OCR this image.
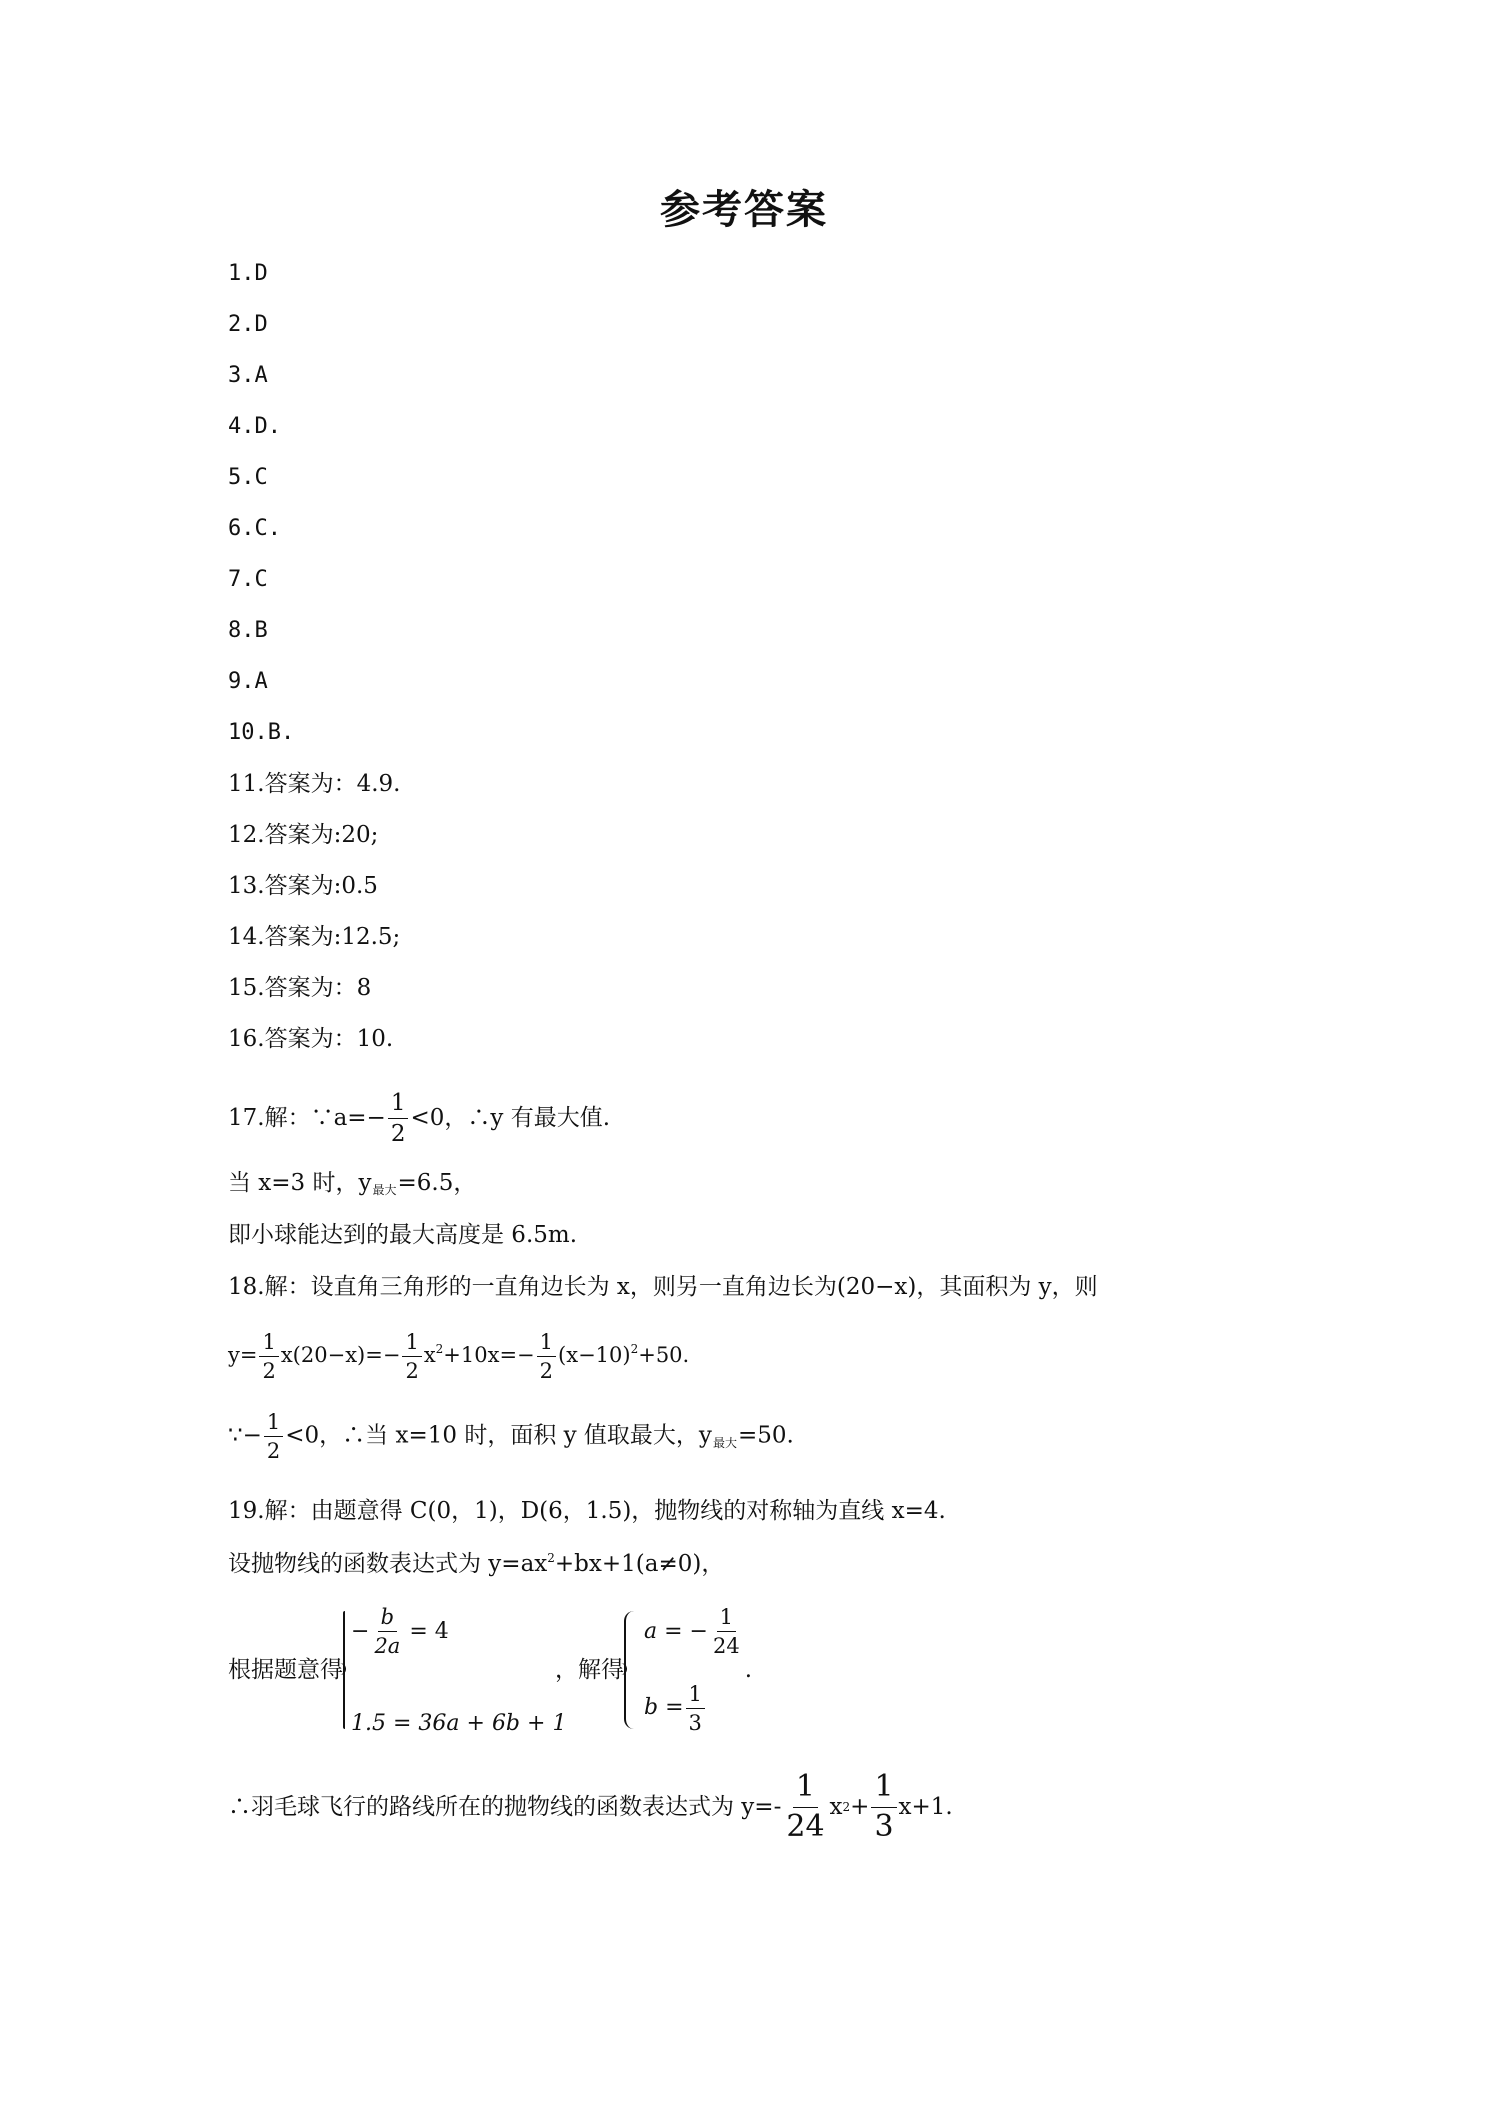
参考答案
1.D
2.D
3.A
4.D.
5.C
6.C.
7.C
8.B
9.A
10.B.
11.答案为：4.9.
12.答案为:20;
13.答案为:0.5
14.答案为:12.5;
15.答案为：8
16.答案为：10.
17.解：∵a=− $\frac{1}{2} <0$，∴y 有最大值.
当 x=3 时，$y_{最大}=6.5$，
即小球能达到的最大高度是 6.5m.
18.解：设直角三角形的一直角边长为 x，则另一直角边长为(20−x)，其面积为 y，则
$y= \frac{1}{2} x(20-x)=- \frac{1}{2} x^2+10x=- \frac{1}{2} (x-10)^2+50$.
∵− $\frac{1}{2} <0$，∴当 x=10 时，面积 y 值取最大，$y_{最大}=50$.
19.解：由题意得 C(0，1)，D(6，1.5)，抛物线的对称轴为直线 x=4.
设抛物线的函数表达式为 $y=ax^2+bx+1(a\ne 0)$，
根据题意得
− $\frac{b}{2a} = 4$
1.5 = 36a + 6b + 1
，解得
a = − $\frac{1}{24}$
$b = \frac{1}{3}$
.
∴羽毛球飞行的路线所在的抛物线的函数表达式为 $y=- \frac{1}{24}$ x $2 + \frac{1}{3} x+1$.
